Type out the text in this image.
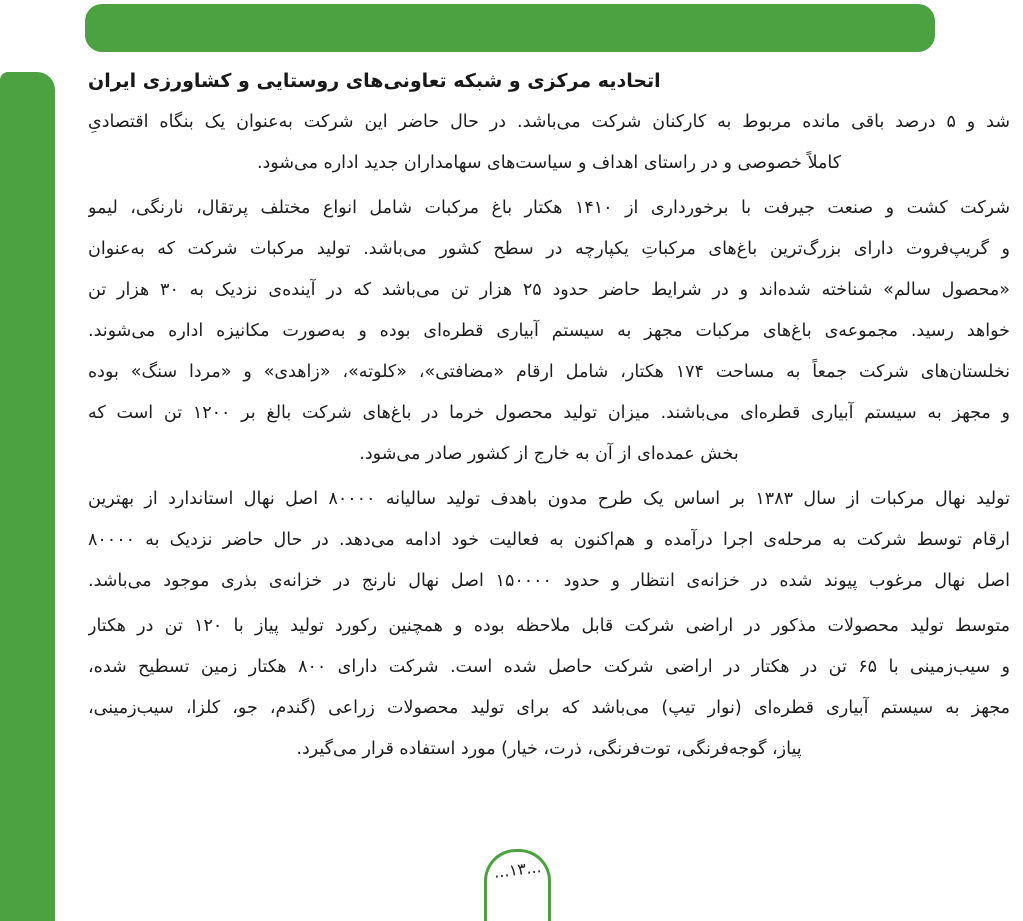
اتحادیه مرکزی و شبکه تعاونی‌های روستایی و کشاورزی ایران
شد و ۵ درصد باقی مانده مربوط به کارکنان شرکت می‌باشد. در حال حاضر این شرکت به‌عنوان یک بنگاه اقتصادیِ
کاملاً خصوصی و در راستای اهداف و سیاست‌های سهامداران جدید اداره می‌شود.
شرکت کشت و صنعت جیرفت با برخورداری از ۱۴۱۰ هکتار باغ مرکبات شامل انواع مختلف پرتقال، نارنگی، لیمو
و گریپ‌فروت دارای بزرگ‌ترین باغ‌های مرکباتِ یکپارچه در سطح کشور می‌باشد. تولید مرکبات شرکت که به‌عنوان
«محصول سالم» شناخته شده‌اند و در شرایط حاضر حدود ۲۵ هزار تن می‌باشد که در آینده‌ی نزدیک به ۳۰ هزار تن
خواهد رسید. مجموعه‌ی باغ‌های مرکبات مجهز به سیستم آبیاری قطره‌ای بوده و به‌صورت مکانیزه اداره می‌شوند.
نخلستان‌های شرکت جمعاً به مساحت ۱۷۴ هکتار، شامل ارقام «مضافتی»، «کلوته»، «زاهدی» و «مردا سنگ» بوده
و مجهز به سیستم آبیاری قطره‌ای می‌باشند. میزان تولید محصول خرما در باغ‌های شرکت بالغ بر ۱۲۰۰ تن است که
بخش عمده‌ای از آن به خارج از کشور صادر می‌شود.
تولید نهال مرکبات از سال ۱۳۸۳ بر اساس یک طرح مدون باهدف تولید سالیانه ۸۰۰۰۰ اصل نهال استاندارد از بهترین
ارقام توسط شرکت به مرحله‌ی اجرا درآمده و هم‌اکنون به فعالیت خود ادامه می‌دهد. در حال حاضر نزدیک به ۸۰۰۰۰
اصل نهال مرغوب پیوند شده در خزانه‌ی انتظار و حدود ۱۵۰۰۰۰ اصل نهال نارنج در خزانه‌ی بذری موجود می‌باشد.
متوسط تولید محصولات مذکور در اراضی شرکت قابل ملاحظه بوده و همچنین رکورد تولید پیاز با ۱۲۰ تن در هکتار
و سیب‌زمینی با ۶۵ تن در هکتار در اراضی شرکت حاصل شده است. شرکت دارای ۸۰۰ هکتار زمین تسطیح شده،
مجهز به سیستم آبیاری قطره‌ای (نوار تیپ) می‌باشد که برای تولید محصولات زراعی (گندم، جو، کلزا، سیب‌زمینی،
پیاز، گوجه‌فرنگی، توت‌فرنگی، ذرت، خیار) مورد استفاده قرار می‌گیرد.
...۱۳...
